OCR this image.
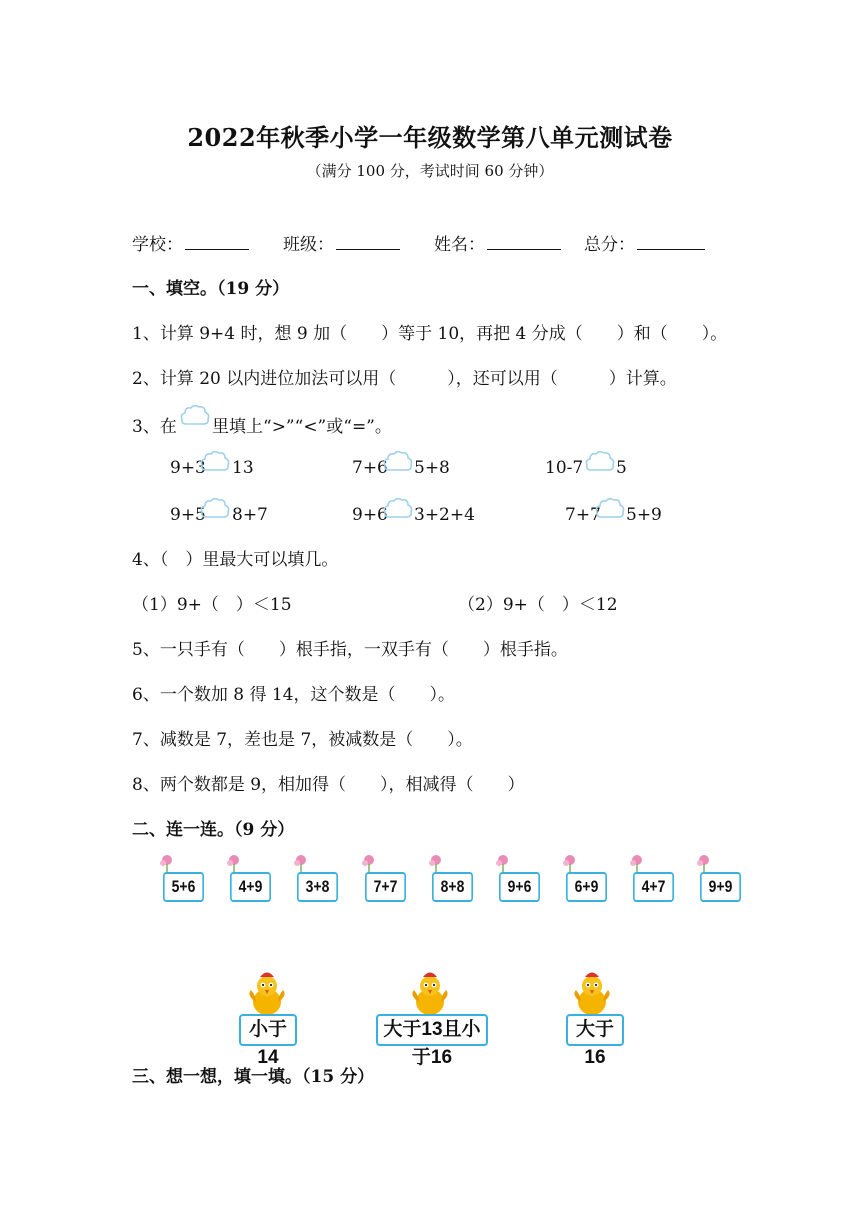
2022年秋季小学一年级数学第八单元测试卷
（满分 100 分，考试时间 60 分钟）
学校：	班级：	姓名：	总分：
一、填空。（19 分）
1、计算 9+4 时，想 9 加（　　）等于 10，再把 4 分成（　　）和（　　）。
2、计算 20 以内进位加法可以用（　　　），还可以用（　　　）计算。
3、在 里填上“>”“<”或“=”。
9+3 13	7+6 5+8	10-7 5
9+5 8+7	9+6 3+2+4	7+7 5+9
4、（　）里最大可以填几。
（1）9+（　）＜15	（2）9+（　）＜12
5、一只手有（　　）根手指，一双手有（　　）根手指。
6、一个数加 8 得 14，这个数是（　　）。
7、减数是 7，差也是 7，被减数是（　　）。
8、两个数都是 9，相加得（　　），相减得（　　）
二、连一连。（9 分）
5+6	4+9	3+8	7+7	8+8	9+6	6+9	4+7	9+9
小于14
大于13且小于16
大于16
三、想一想，填一填。（15 分）
